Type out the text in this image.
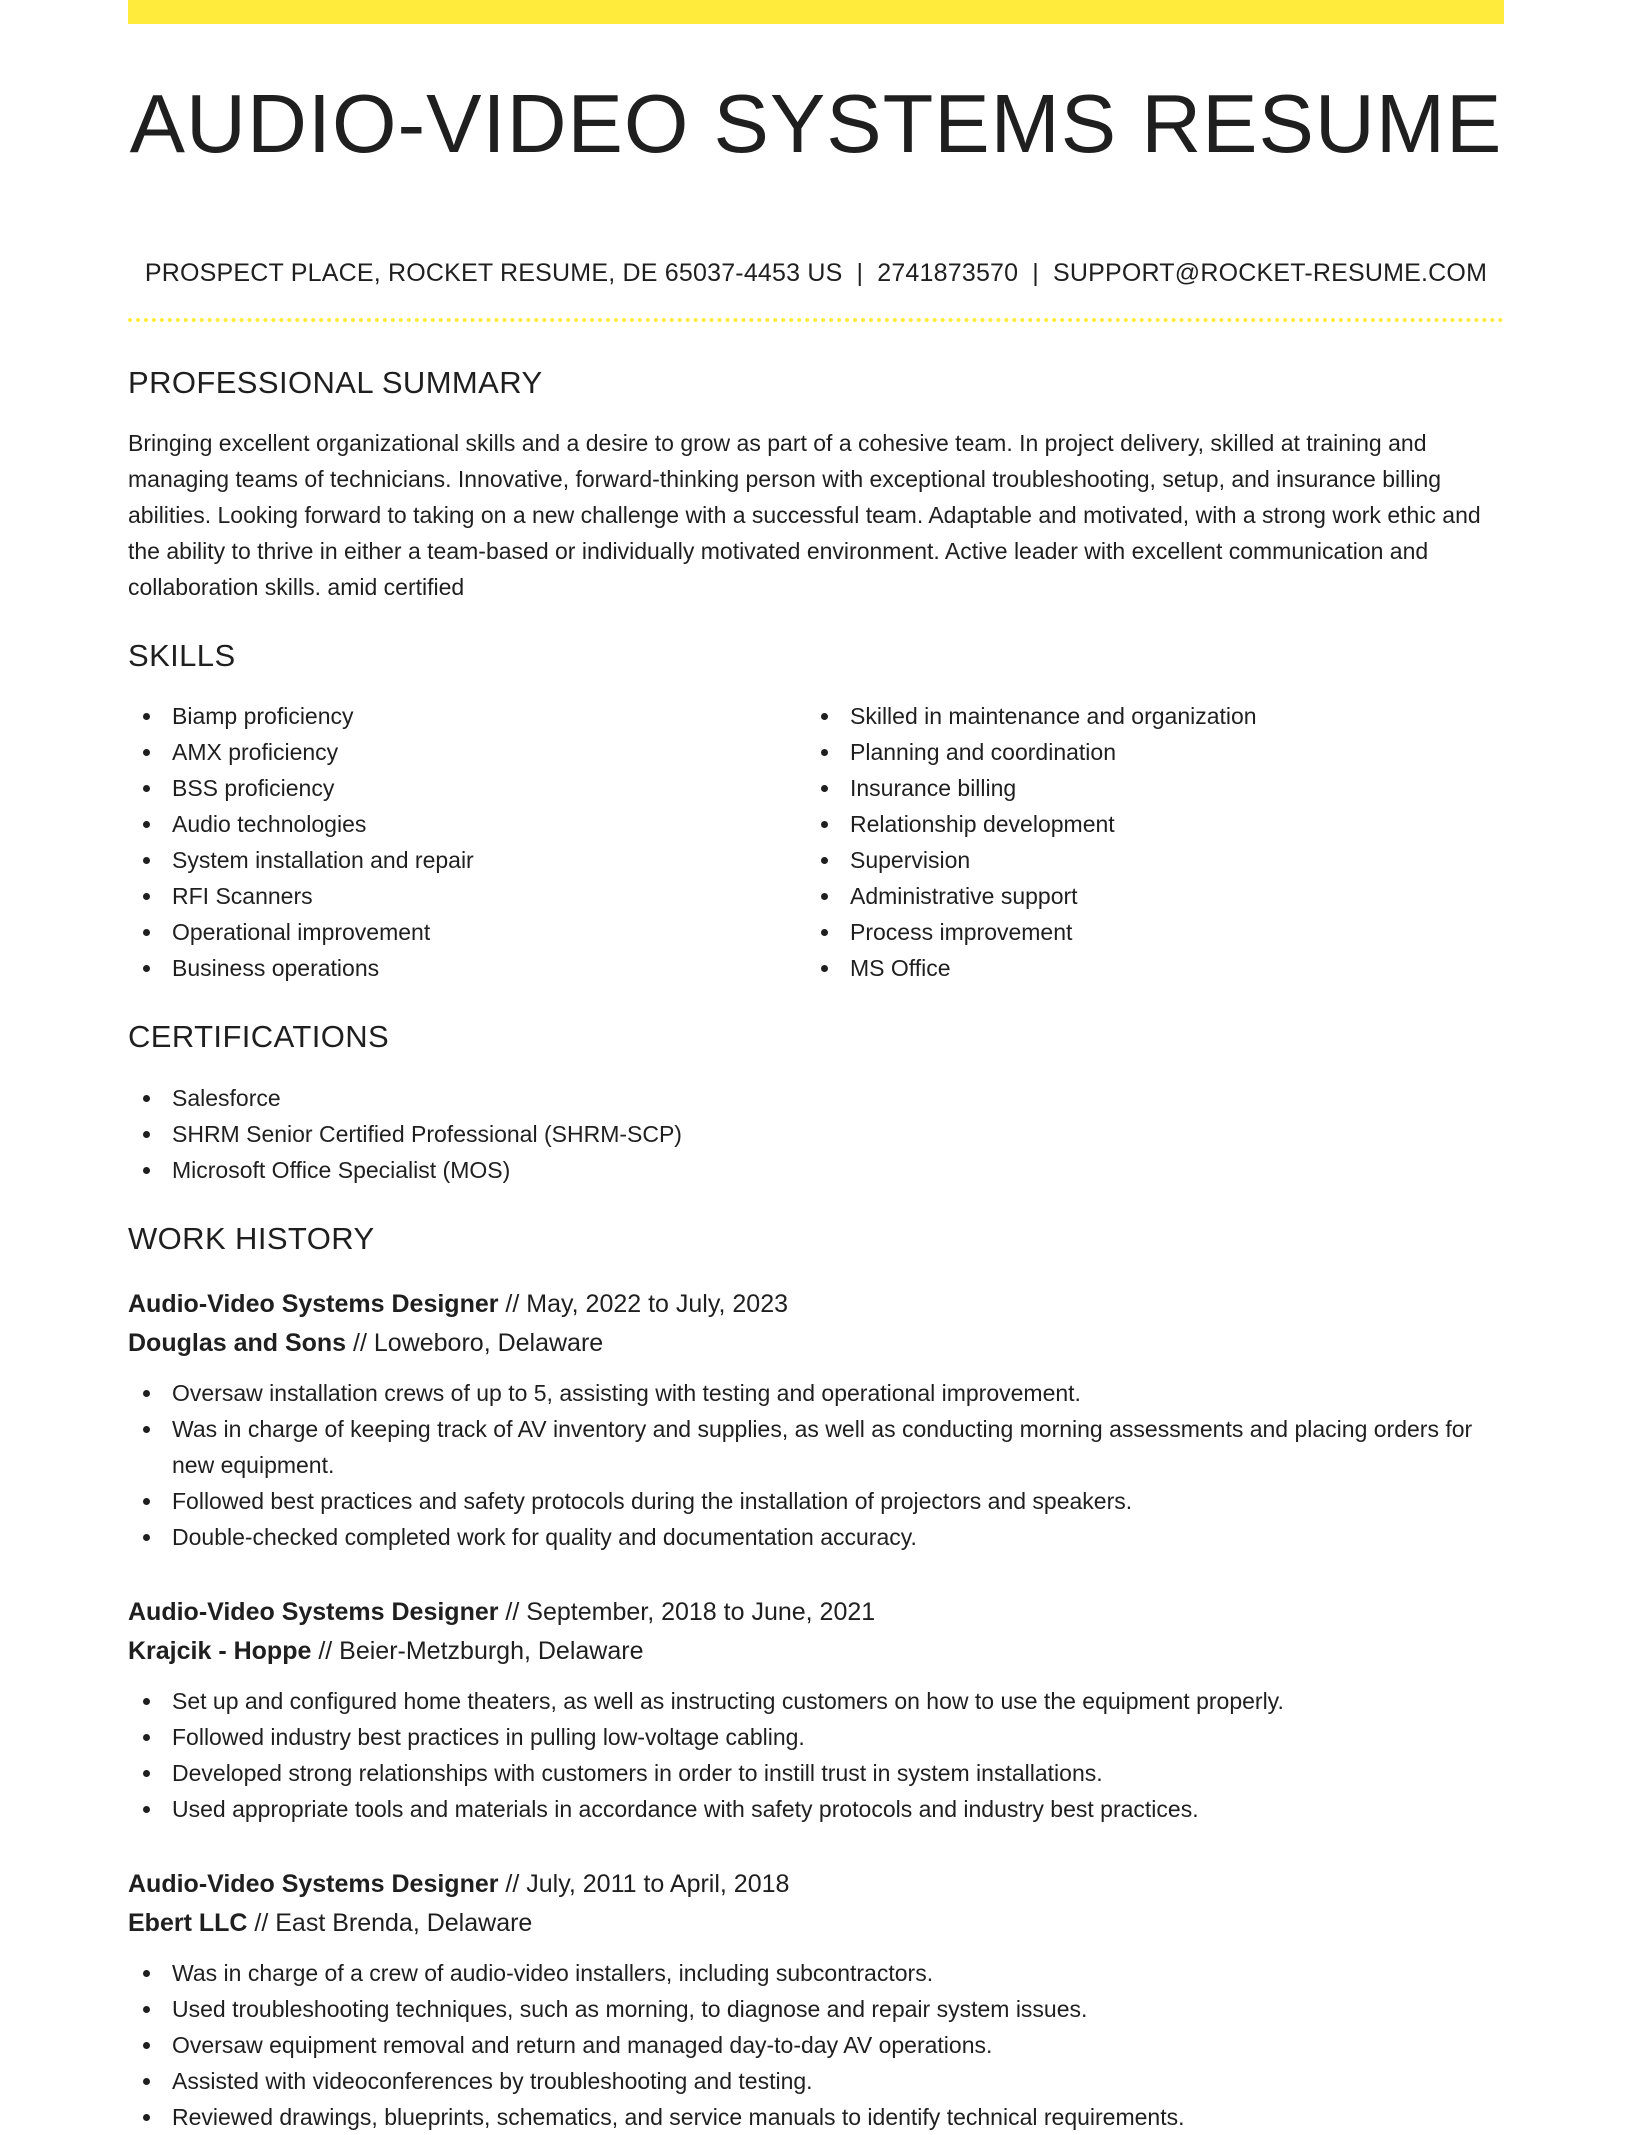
AUDIO-VIDEO SYSTEMS RESUME
PROSPECT PLACE, ROCKET RESUME, DE 65037-4453 US | 2741873570 | SUPPORT@ROCKET-RESUME.COM
PROFESSIONAL SUMMARY

Bringing excellent organizational skills and a desire to grow as part of a cohesive team. In project delivery, skilled at training and managing teams of technicians. Innovative, forward-thinking person with exceptional troubleshooting, setup, and insurance billing abilities. Looking forward to taking on a new challenge with a successful team. Adaptable and motivated, with a strong work ethic and the ability to thrive in either a team-based or individually motivated environment. Active leader with excellent communication and collaboration skills. amid certified

SKILLS
Biamp proficiency
AMX proficiency
BSS proficiency
Audio technologies
System installation and repair
RFI Scanners
Operational improvement
Business operations
Skilled in maintenance and organization
Planning and coordination
Insurance billing
Relationship development
Supervision
Administrative support
Process improvement
MS Office
CERTIFICATIONS
Salesforce
SHRM Senior Certified Professional (SHRM-SCP)
Microsoft Office Specialist (MOS)
WORK HISTORY
Audio-Video Systems Designer // May, 2022 to July, 2023
Douglas and Sons // Loweboro, Delaware
Oversaw installation crews of up to 5, assisting with testing and operational improvement.
Was in charge of keeping track of AV inventory and supplies, as well as conducting morning assessments and placing orders for new equipment.
Followed best practices and safety protocols during the installation of projectors and speakers.
Double-checked completed work for quality and documentation accuracy.
Audio-Video Systems Designer // September, 2018 to June, 2021
Krajcik - Hoppe // Beier-Metzburgh, Delaware
Set up and configured home theaters, as well as instructing customers on how to use the equipment properly.
Followed industry best practices in pulling low-voltage cabling.
Developed strong relationships with customers in order to instill trust in system installations.
Used appropriate tools and materials in accordance with safety protocols and industry best practices.
Audio-Video Systems Designer // July, 2011 to April, 2018
Ebert LLC // East Brenda, Delaware
Was in charge of a crew of audio-video installers, including subcontractors.
Used troubleshooting techniques, such as morning, to diagnose and repair system issues.
Oversaw equipment removal and return and managed day-to-day AV operations.
Assisted with videoconferences by troubleshooting and testing.
Reviewed drawings, blueprints, schematics, and service manuals to identify technical requirements.
